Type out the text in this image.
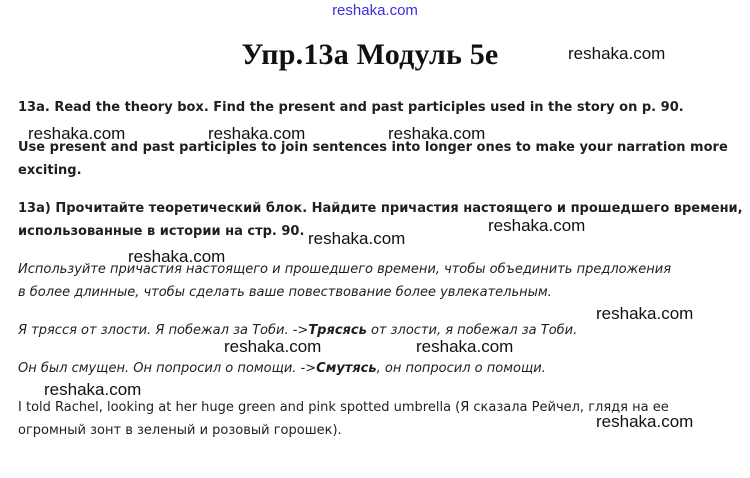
reshaka.com
Упр.13а Модуль 5e	reshaka.com
13a. Read the theory box. Find the present and past participles used in the story on p. 90.
reshaka.com	reshaka.com	reshaka.com
Use present and past participles to join sentences into longer ones to make your narration more
exciting.
13а) Прочитайте теоретический блок. Найдите причастия настоящего и прошедшего времени,
использованные в истории на стр. 90.	reshaka.com
reshaka.com
reshaka.com
Используйте причастия настоящего и прошедшего времени, чтобы объединить предложения
в более длинные, чтобы сделать ваше повествование более увлекательным.
reshaka.com
Я трясся от злости. Я побежал за Тоби. ->Трясясь от злости, я побежал за Тоби.
reshaka.com	reshaka.com
Он был смущен. Он попросил о помощи. ->Смутясь, он попросил о помощи.
reshaka.com
I told Rachel, looking at her huge green and pink spotted umbrella (Я сказала Рейчел, глядя на ее
огромный зонт в зеленый и розовый горошек).	reshaka.com
